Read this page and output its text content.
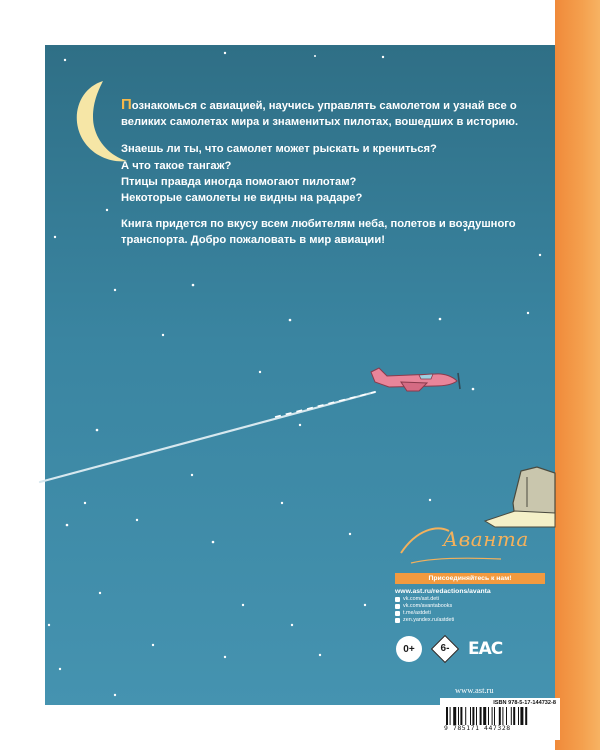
Познакомься с авиацией, научись управлять самолетом и узнай все о великих самолетах мира и знаменитых пилотах, вошедших в историю.

Знаешь ли ты, что самолет может рыскать и крениться?
А что такое тангаж?
Птицы правда иногда помогают пилотам?
Некоторые самолеты не видны на радаре?

Книга придется по вкусу всем любителям неба, полетов и воздушного транспорта. Добро пожаловать в мир авиации!

Аванта
Присоединяйтесь к нам!
www.ast.ru/redactions/avanta
vk.com/ast.deti
vk.com/avantabooks
t.me/astdeti
zen.yandex.ru/astdeti
0+	6-	EAC
www.ast.ru

ISBN 978-5-17-144732-8

9 785171 447328
